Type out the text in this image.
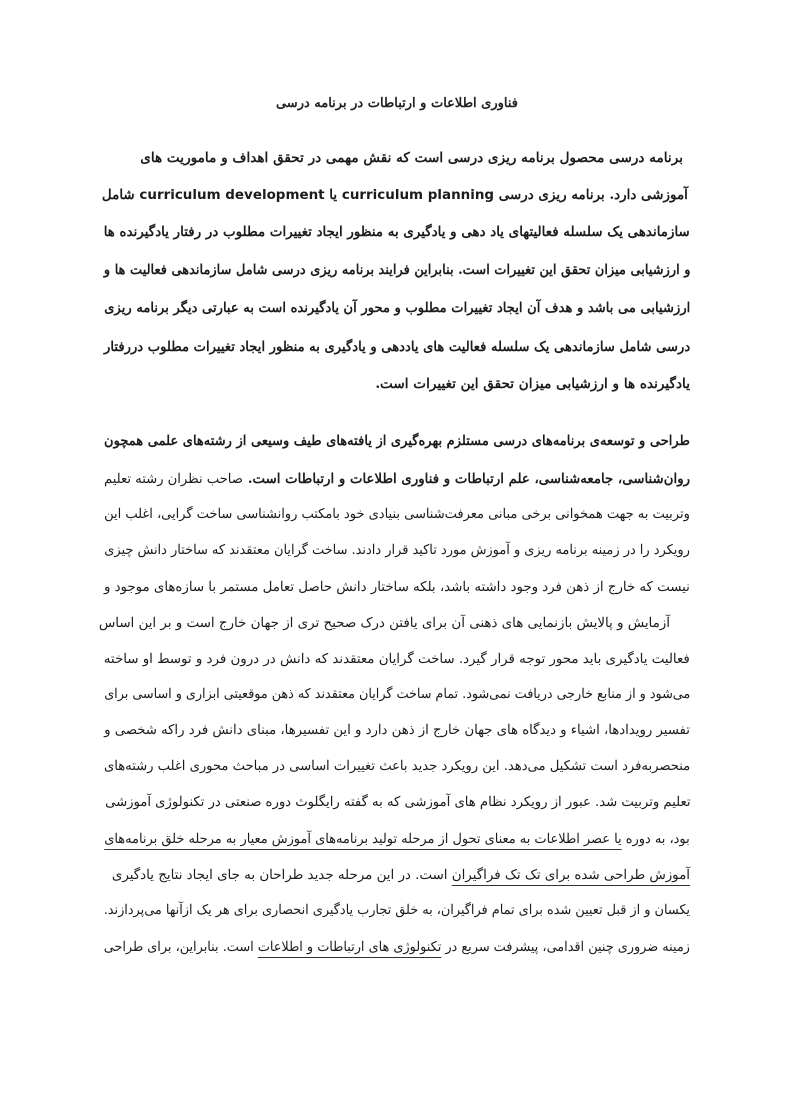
فناوری اطلاعات و ارتباطات در برنامه درسی
برنامه درسی محصول برنامه ریزی درسی است که نقش مهمی در تحقق اهداف و ماموریت های
آموزشی دارد. برنامه ریزی درسی curriculum planning یا curriculum development شامل
سازماندهی یک سلسله فعالیتهای یاد دهی و یادگیری به منظور ایجاد تغییرات مطلوب در رفتار یادگیرنده ها
و ارزشیابی میزان تحقق این تغییرات است. بنابراین فرایند برنامه ریزی درسی شامل سازماندهی فعالیت ها و
ارزشیابی می باشد و هدف آن ایجاد تغییرات مطلوب و محور آن یادگیرنده است به عبارتی دیگر برنامه ریزی
درسی شامل سازماندهی یک سلسله فعالیت های یاددهی و یادگیری به منظور ایجاد تغییرات مطلوب دررفتار
یادگیرنده ها و ارزشیابی میزان تحقق این تغییرات است.
طراحی و توسعه‌ی برنامه‌های درسی مستلزم بهره‌گیری از یافته‌های طیف وسیعی از رشته‌های علمی همچون
روان‌شناسی، جامعه‌شناسی، علم ارتباطات و فناوری اطلاعات و ارتباطات است. صاحب نظران رشته تعلیم
وتربیت به جهت همخوانی برخی مبانی معرفت‌شناسی بنیادی خود بامکتب روانشناسی ساخت گرایی، اغلب این
رویکرد را در زمینه برنامه ریزی و آموزش مورد تاکید قرار دادند. ساخت گرایان معتقدند که ساختار دانش چیزی
نیست که خارج از ذهن فرد وجود داشته باشد، بلکه ساختار دانش حاصل تعامل مستمر با سازه‌های موجود و
آزمایش و پالایش بازنمایی های ذهنی آن برای یافتن درک صحیح تری از جهان خارج است و بر این اساس
فعالیت یادگیری باید محور توجه قرار گیرد. ساخت گرایان معتقدند که دانش در درون فرد و توسط او ساخته
می‌شود و از منابع خارجی دریافت نمی‌شود. تمام ساخت گرایان معتقدند که ذهن موقعیتی ابزاری و اساسی برای
تفسیر رویدادها، اشیاء و دیدگاه های جهان خارج از ذهن دارد و این تفسیرها، مبنای دانش فرد راکه شخصی و
منحصربه‌فرد است تشکیل می‌دهد. این رویکرد جدید باعث تغییرات اساسی در مباحث محوری اغلب رشته‌های
تعلیم وتربیت شد. عبور از رویکرد نظام های آموزشی که به گفته رایگلوث دوره صنعتی در تکنولوژی آموزشی
بود، به دوره یا عصر اطلاعات به معنای تحول از مرحله تولید برنامه‌های آموزش معیار به مرحله خلق برنامه‌های
آموزش طراحی شده برای تک تک فراگیران است. در این مرحله جدید طراحان به جای ایجاد نتایج یادگیری
یکسان و از قبل تعیین شده برای تمام فراگیران، به خلق تجارب یادگیری انحصاری برای هر یک ازآنها می‌پردازند.
زمینه ضروری چنین اقدامی، پیشرفت سریع در تکنولوژی های ارتباطات و اطلاعات است. بنابراین، برای طراحی
